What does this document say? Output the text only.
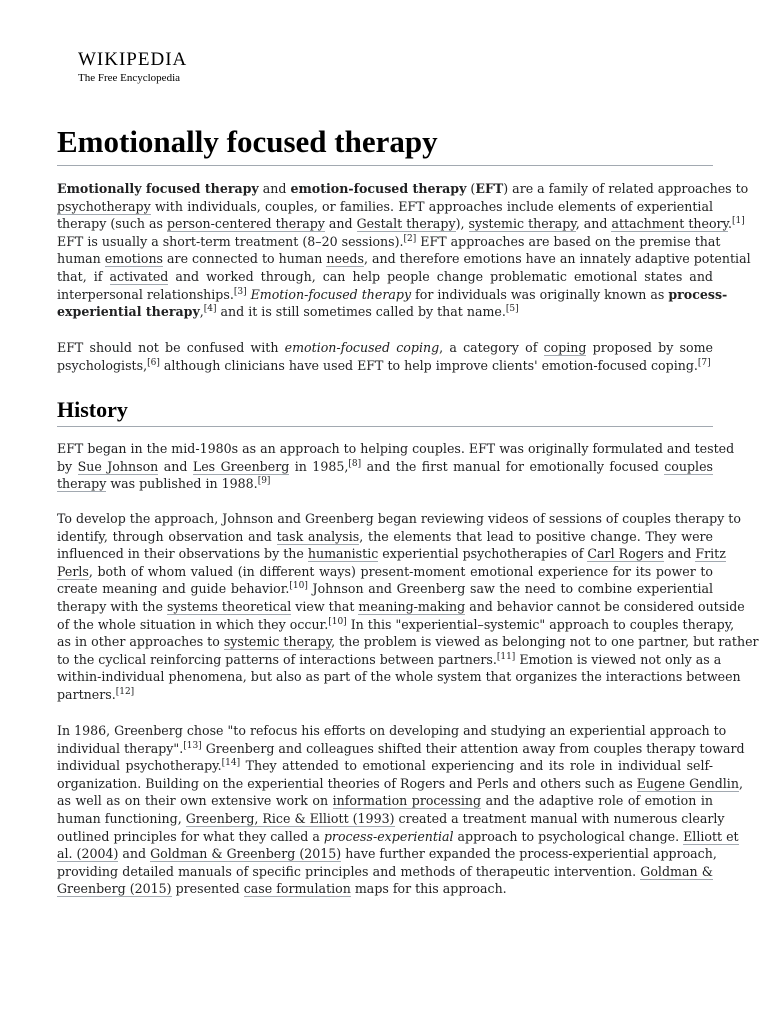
WIKIPEDIA
The Free Encyclopedia
Emotionally focused therapy

Emotionally focused therapy and emotion-focused therapy (EFT) are a family of related approaches to
psychotherapy with individuals, couples, or families. EFT approaches include elements of experiential
therapy (such as person-centered therapy and Gestalt therapy), systemic therapy, and attachment theory.[1]
EFT is usually a short-term treatment (8–20 sessions).[2] EFT approaches are based on the premise that
human emotions are connected to human needs, and therefore emotions have an innately adaptive potential
that, if activated and worked through, can help people change problematic emotional states and
interpersonal relationships.[3] Emotion-focused therapy for individuals was originally known as process-
experiential therapy,[4] and it is still sometimes called by that name.[5]

EFT should not be confused with emotion-focused coping, a category of coping proposed by some
psychologists,[6] although clinicians have used EFT to help improve clients' emotion-focused coping.[7]

History

EFT began in the mid-1980s as an approach to helping couples. EFT was originally formulated and tested
by Sue Johnson and Les Greenberg in 1985,[8] and the first manual for emotionally focused couples
therapy was published in 1988.[9]

To develop the approach, Johnson and Greenberg began reviewing videos of sessions of couples therapy to
identify, through observation and task analysis, the elements that lead to positive change. They were
influenced in their observations by the humanistic experiential psychotherapies of Carl Rogers and Fritz
Perls, both of whom valued (in different ways) present-moment emotional experience for its power to
create meaning and guide behavior.[10] Johnson and Greenberg saw the need to combine experiential
therapy with the systems theoretical view that meaning-making and behavior cannot be considered outside
of the whole situation in which they occur.[10] In this "experiential–systemic" approach to couples therapy,
as in other approaches to systemic therapy, the problem is viewed as belonging not to one partner, but rather
to the cyclical reinforcing patterns of interactions between partners.[11] Emotion is viewed not only as a
within-individual phenomena, but also as part of the whole system that organizes the interactions between
partners.[12]

In 1986, Greenberg chose "to refocus his efforts on developing and studying an experiential approach to
individual therapy".[13] Greenberg and colleagues shifted their attention away from couples therapy toward
individual psychotherapy.[14] They attended to emotional experiencing and its role in individual self-
organization. Building on the experiential theories of Rogers and Perls and others such as Eugene Gendlin,
as well as on their own extensive work on information processing and the adaptive role of emotion in
human functioning, Greenberg, Rice & Elliott (1993) created a treatment manual with numerous clearly
outlined principles for what they called a process-experiential approach to psychological change. Elliott et
al. (2004) and Goldman & Greenberg (2015) have further expanded the process-experiential approach,
providing detailed manuals of specific principles and methods of therapeutic intervention. Goldman &
Greenberg (2015) presented case formulation maps for this approach.
